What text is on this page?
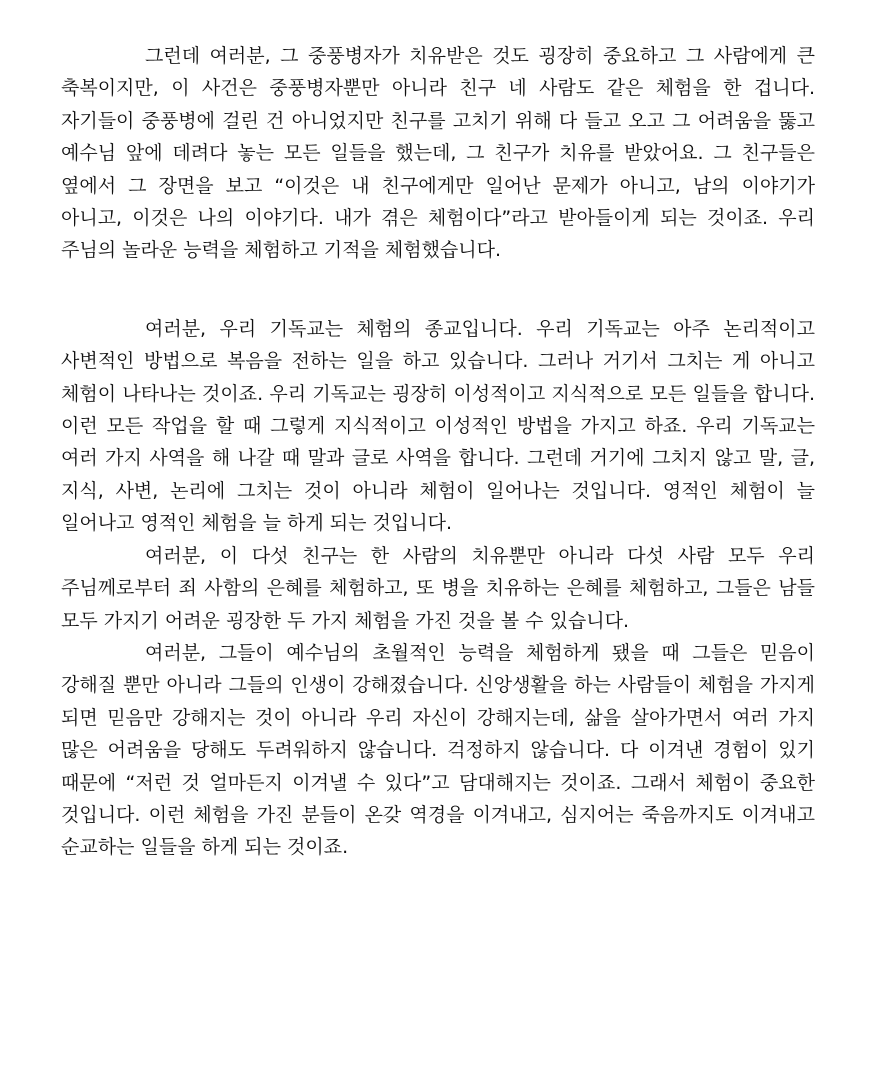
그런데 여러분, 그 중풍병자가 치유받은 것도 굉장히 중요하고 그 사람에게 큰 축복이지만, 이 사건은 중풍병자뿐만 아니라 친구 네 사람도 같은 체험을 한 겁니다. 자기들이 중풍병에 걸린 건 아니었지만 친구를 고치기 위해 다 들고 오고 그 어려움을 뚫고 예수님 앞에 데려다 놓는 모든 일들을 했는데, 그 친구가 치유를 받았어요. 그 친구들은 옆에서 그 장면을 보고 “이것은 내 친구에게만 일어난 문제가 아니고, 남의 이야기가 아니고, 이것은 나의 이야기다. 내가 겪은 체험이다”라고 받아들이게 되는 것이죠. 우리 주님의 놀라운 능력을 체험하고 기적을 체험했습니다.

여러분, 우리 기독교는 체험의 종교입니다. 우리 기독교는 아주 논리적이고 사변적인 방법으로 복음을 전하는 일을 하고 있습니다. 그러나 거기서 그치는 게 아니고 체험이 나타나는 것이죠. 우리 기독교는 굉장히 이성적이고 지식적으로 모든 일들을 합니다. 이런 모든 작업을 할 때 그렇게 지식적이고 이성적인 방법을 가지고 하죠. 우리 기독교는 여러 가지 사역을 해 나갈 때 말과 글로 사역을 합니다. 그런데 거기에 그치지 않고 말, 글, 지식, 사변, 논리에 그치는 것이 아니라 체험이 일어나는 것입니다. 영적인 체험이 늘 일어나고 영적인 체험을 늘 하게 되는 것입니다.

여러분, 이 다섯 친구는 한 사람의 치유뿐만 아니라 다섯 사람 모두 우리 주님께로부터 죄 사함의 은혜를 체험하고, 또 병을 치유하는 은혜를 체험하고, 그들은 남들 모두 가지기 어려운 굉장한 두 가지 체험을 가진 것을 볼 수 있습니다.

여러분, 그들이 예수님의 초월적인 능력을 체험하게 됐을 때 그들은 믿음이 강해질 뿐만 아니라 그들의 인생이 강해졌습니다. 신앙생활을 하는 사람들이 체험을 가지게 되면 믿음만 강해지는 것이 아니라 우리 자신이 강해지는데, 삶을 살아가면서 여러 가지 많은 어려움을 당해도 두려워하지 않습니다. 걱정하지 않습니다. 다 이겨낸 경험이 있기 때문에 “저런 것 얼마든지 이겨낼 수 있다”고 담대해지는 것이죠. 그래서 체험이 중요한 것입니다. 이런 체험을 가진 분들이 온갖 역경을 이겨내고, 심지어는 죽음까지도 이겨내고 순교하는 일들을 하게 되는 것이죠.
